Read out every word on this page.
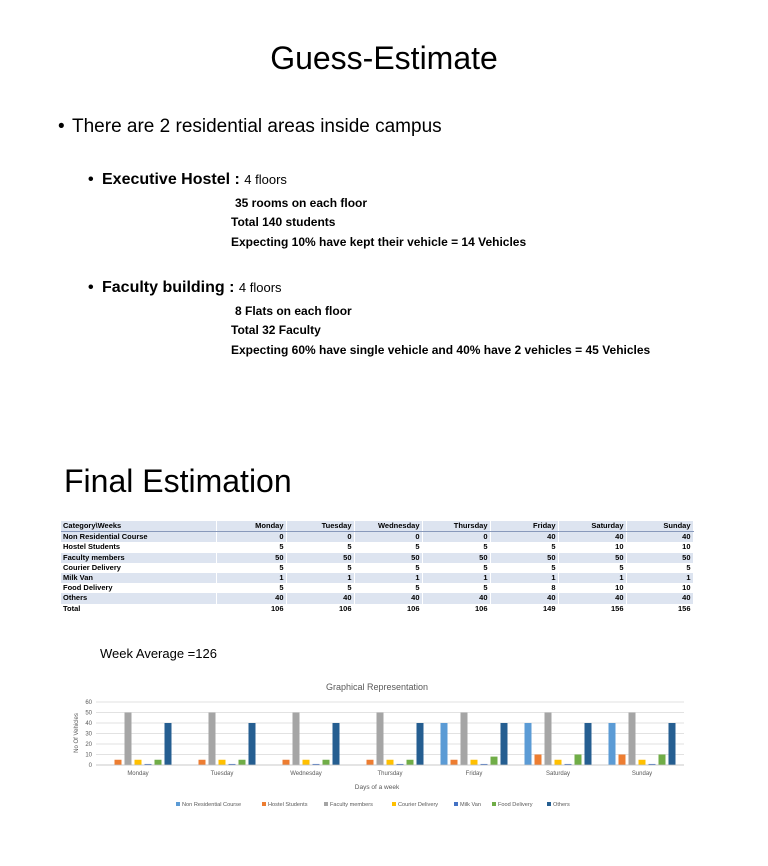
Guess-Estimate
• There are 2 residential areas inside campus
• Executive Hostel : 4 floors
35 rooms on each floor
Total 140 students
Expecting 10% have kept their vehicle = 14 Vehicles
• Faculty building : 4 floors
8 Flats on each floor
Total 32 Faculty
Expecting 60% have single vehicle and 40% have 2 vehicles = 45 Vehicles
Final Estimation
Category\Weeks	Monday	Tuesday	Wednesday	Thursday	Friday	Saturday	Sunday
Non Residential Course	0	0	0	0	40	40	40
Hostel Students	5	5	5	5	5	10	10
Faculty members	50	50	50	50	50	50	50
Courier Delivery	5	5	5	5	5	5	5
Milk Van	1	1	1	1	1	1	1
Food Delivery	5	5	5	5	8	10	10
Others	40	40	40	40	40	40	40
Total	106	106	106	106	149	156	156
Week Average =126
Graphical Representation
No Of Vehicles
Days of a week
0
10
20
30
40
50
60
Monday	Tuesday	Wednesday	Thursday	Friday	Saturday	Sunday
Non Residential Course	Hostel Students	Faculty members	Courier Delivery	Milk Van	Food Delivery	Others
